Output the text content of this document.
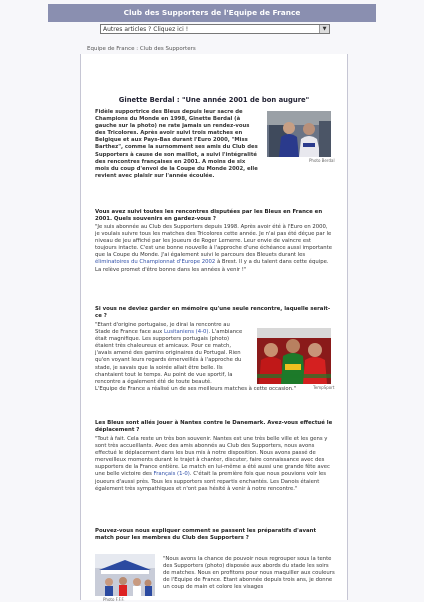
Club des Supporters de l'Equipe de France
Autres articles ? Cliquez ici !	▼
Equipe de France : Club des Supporters
Ginette Berdal : "Une année 2001 de bon augure"
Fidèle supportrice des Bleus depuis leur sacre de Champions du Monde en 1998, Ginette Berdal (à gauche sur la photo) ne rate jamais un rendez-vous des Tricolores. Après avoir suivi trois matches en Belgique et aux Pays-Bas durant l'Euro 2000, "Miss Barthez", comme la surnomment ses amis du Club des Supporters à cause de son maillot, a suivi l'intégralité des rencontres françaises en 2001. A moins de six mois du coup d'envoi de la Coupe du Monde 2002, elle revient avec plaisir sur l'année écoulée.
Photo Berdal
Vous avez suivi toutes les rencontres disputées par les Bleus en France en 2001. Quels souvenirs en gardez-vous ?
"Je suis abonnée au Club des Supporters depuis 1998. Après avoir été à l'Euro en 2000, je voulais suivre tous les matches des Tricolores cette année. Je n'ai pas été déçue par le niveau de jeu affiché par les joueurs de Roger Lemerre. Leur envie de vaincre est toujours intacte. C'est une bonne nouvelle à l'approche d'une échéance aussi importante que la Coupe du Monde. J'ai également suivi le parcours des Bleuets durant les éliminatoires du Championnat d'Europe 2002 à Brest. Il y a du talent dans cette équipe. La relève promet d'être bonne dans les années à venir !"
Si vous ne deviez garder en mémoire qu'une seule rencontre, laquelle serait-ce ?
"Etant d'origine portugaise, je dirai la rencontre au Stade de France face aux Lusitaniens (4-0). L'ambiance était magnifique. Les supporters portugais (photo) étaient très chaleureux et amicaux. Pour ce match, j'avais amené des gamins originaires du Portugal. Rien qu'en voyant leurs regards émerveillés à l'approche du stade, je savais que la soirée allait être belle. Ils chantaient tout le temps. Au point de vue sportif, la rencontre a également été de toute beauté.
L'Equipe de France a réalisé un de ses meilleurs matches à cette occasion."	TempSport
Les Bleus sont allés jouer à Nantes contre le Danemark. Avez-vous effectué le déplacement ?
"Tout à fait. Cela reste un très bon souvenir. Nantes est une très belle ville et les gens y sont très accueillants. Avec des amis abonnés au Club des Supporters, nous avons effectué le déplacement dans les bus mis à notre disposition. Nous avons passé de merveilleux moments durant le trajet à chanter, discuter, faire connaissance avec des supporters de la France entière. Le match en lui-même a été aussi une grande fête avec une belle victoire des Français (1-0). C'était la première fois que nous pouvions voir les joueurs d'aussi près. Tous les supporters sont repartis enchantés. Les Danois étaient également très sympathiques et n'ont pas hésité à venir à notre rencontre."
Pouvez-vous nous expliquer comment se passent les préparatifs d'avant match pour les membres du Club des Supporters ?
Photo F.F.F.
"Nous avons la chance de pouvoir nous regrouper sous la tente des Supporters (photo) disposée aux abords du stade les soirs de matches. Nous en profitons pour nous maquiller aux couleurs de l'Equipe de France. Etant abonnée depuis trois ans, je donne un coup de main et colore les visages
